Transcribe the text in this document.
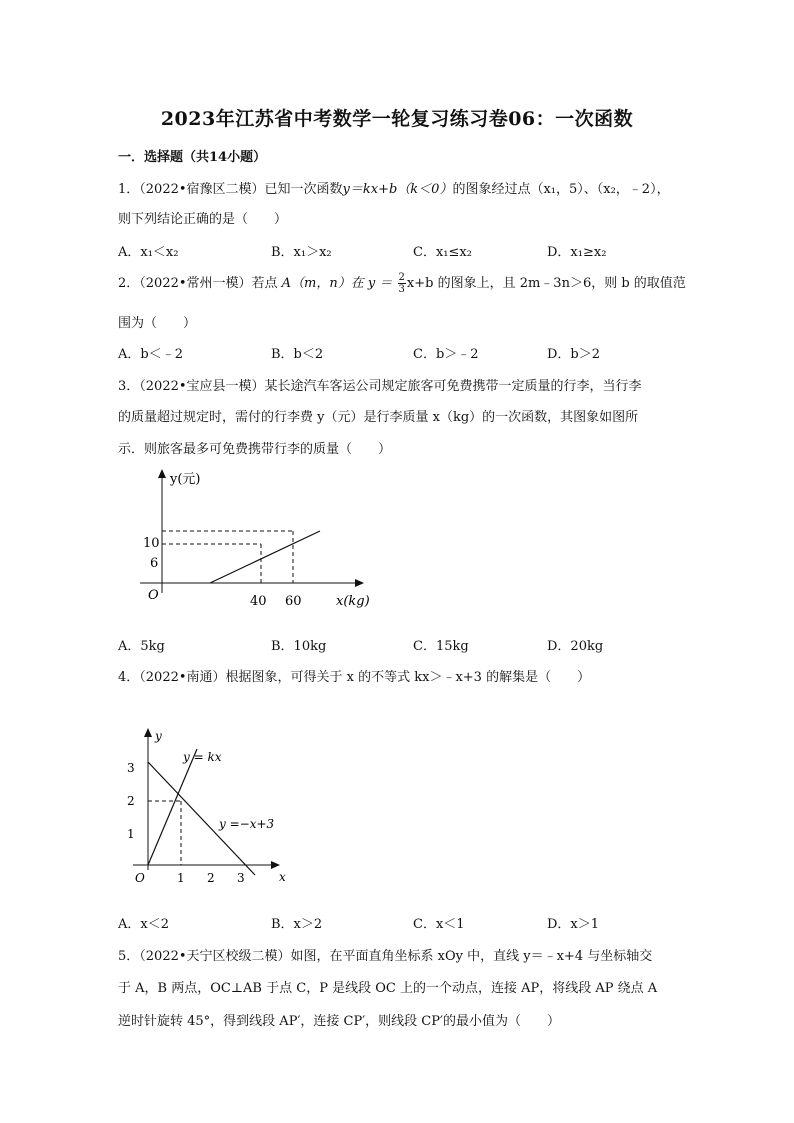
2023年江苏省中考数学一轮复习练习卷06：一次函数
一．选择题（共14小题）
1．（2022•宿豫区二模）已知一次函数y＝kx+b（k＜0）的图象经过点（x₁，5）、（x₂，﹣2），
则下列结论正确的是（　　）
A．x₁＜x₂	B．x₁＞x₂	C．x₁≤x₂	D．x₁≥x₂
2．（2022•常州一模）若点 A（m，n）在 $y = \frac{2}{3} x+b$ 的图象上，且 2m﹣3n＞6，则 b 的取值范
围为（　　）
A．b＜﹣2	B．b＜2	C．b＞﹣2	D．b＞2
3．（2022•宝应县一模）某长途汽车客运公司规定旅客可免费携带一定质量的行李，当行李
的质量超过规定时，需付的行李费 y（元）是行李质量 x（kg）的一次函数，其图象如图所
示．则旅客最多可免费携带行李的质量（　　）
y(元)
x(kg)
O
10
6
40 60
A．5kg	B．10kg	C．15kg	D．20kg
4．（2022•南通）根据图象，可得关于 x 的不等式 kx＞﹣x+3 的解集是（　　）
y
x
O
y = kx
y =−x+3
3
2
1
1 2 3
A．x＜2	B．x＞2	C．x＜1	D．x＞1
5．（2022•天宁区校级二模）如图，在平面直角坐标系 xOy 中，直线 y＝﹣x+4 与坐标轴交
于 A，B 两点，OC⊥AB 于点 C，P 是线段 OC 上的一个动点，连接 AP，将线段 AP 绕点 A
逆时针旋转 45°，得到线段 AP′，连接 CP′，则线段 CP′的最小值为（　　）
